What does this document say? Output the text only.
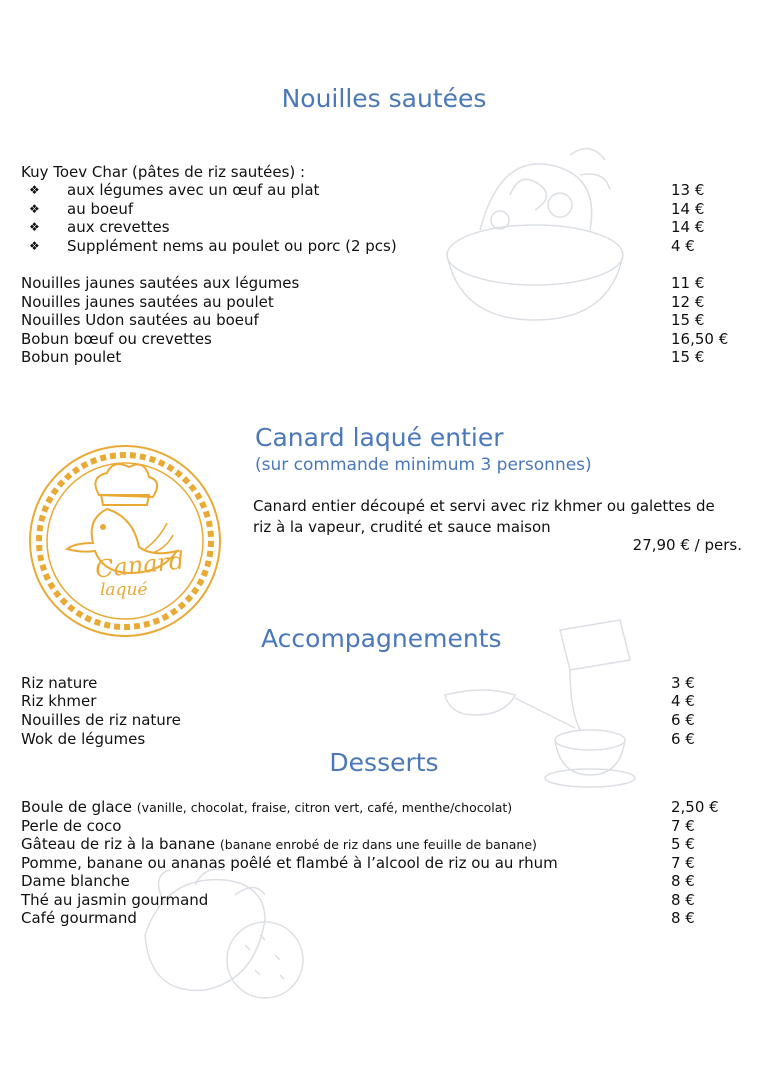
Nouilles sautées
Kuy Toev Char (pâtes de riz sautées) :
❖ aux légumes avec un œuf au plat	13 €
❖ au boeuf	14 €
❖ aux crevettes	14 €
❖ Supplément nems au poulet ou porc (2 pcs)	4 €
Nouilles jaunes sautées aux légumes	11 €
Nouilles jaunes sautées au poulet	12 €
Nouilles Udon sautées au boeuf	15 €
Bobun bœuf ou crevettes	16,50 €
Bobun poulet	15 €
Canard
laqué
Canard laqué entier
(sur commande minimum 3 personnes)
Canard entier découpé et servi avec riz khmer ou galettes de
riz à la vapeur, crudité et sauce maison
27,90 € / pers.
Accompagnements
Riz nature	3 €
Riz khmer	4 €
Nouilles de riz nature	6 €
Wok de légumes	6 €
Desserts
Boule de glace (vanille, chocolat, fraise, citron vert, café, menthe/chocolat)	2,50 €
Perle de coco	7 €
Gâteau de riz à la banane (banane enrobé de riz dans une feuille de banane)	5 €
Pomme, banane ou ananas poêlé et flambé à l’alcool de riz ou au rhum	7 €
Dame blanche	8 €
Thé au jasmin gourmand	8 €
Café gourmand	8 €
